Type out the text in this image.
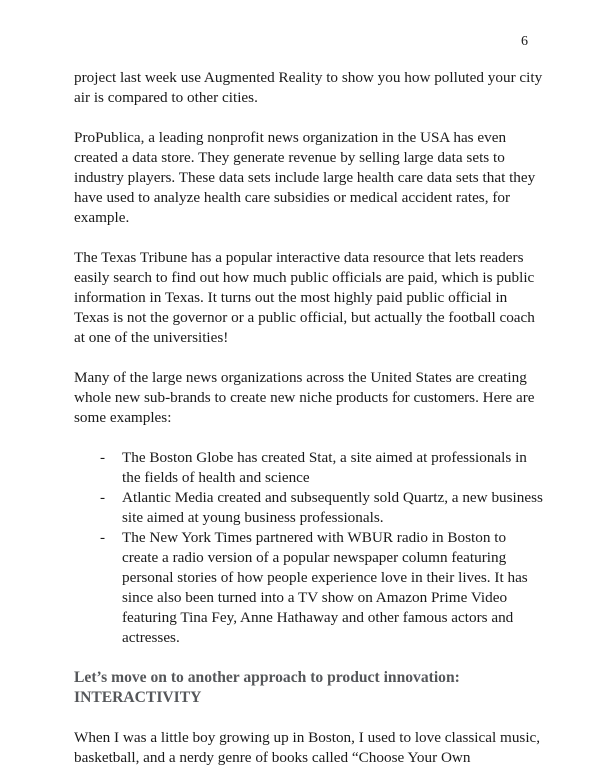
6

project last week use Augmented Reality to show you how polluted your city air is compared to other cities.

ProPublica, a leading nonprofit news organization in the USA has even created a data store. They generate revenue by selling large data sets to industry players. These data sets include large health care data sets that they have used to analyze health care subsidies or medical accident rates, for example.

The Texas Tribune has a popular interactive data resource that lets readers easily search to find out how much public officials are paid, which is public information in Texas. It turns out the most highly paid public official in Texas is not the governor or a public official, but actually the football coach at one of the universities!

Many of the large news organizations across the United States are creating whole new sub-brands to create new niche products for customers. Here are some examples:

- The Boston Globe has created Stat, a site aimed at professionals in the fields of health and science
- Atlantic Media created and subsequently sold Quartz, a new business site aimed at young business professionals.
- The New York Times partnered with WBUR radio in Boston to create a radio version of a popular newspaper column featuring personal stories of how people experience love in their lives. It has since also been turned into a TV show on Amazon Prime Video featuring Tina Fey, Anne Hathaway and other famous actors and actresses.
Let’s move on to another approach to product innovation:
INTERACTIVITY

When I was a little boy growing up in Boston, I used to love classical music, basketball, and a nerdy genre of books called “Choose Your Own
